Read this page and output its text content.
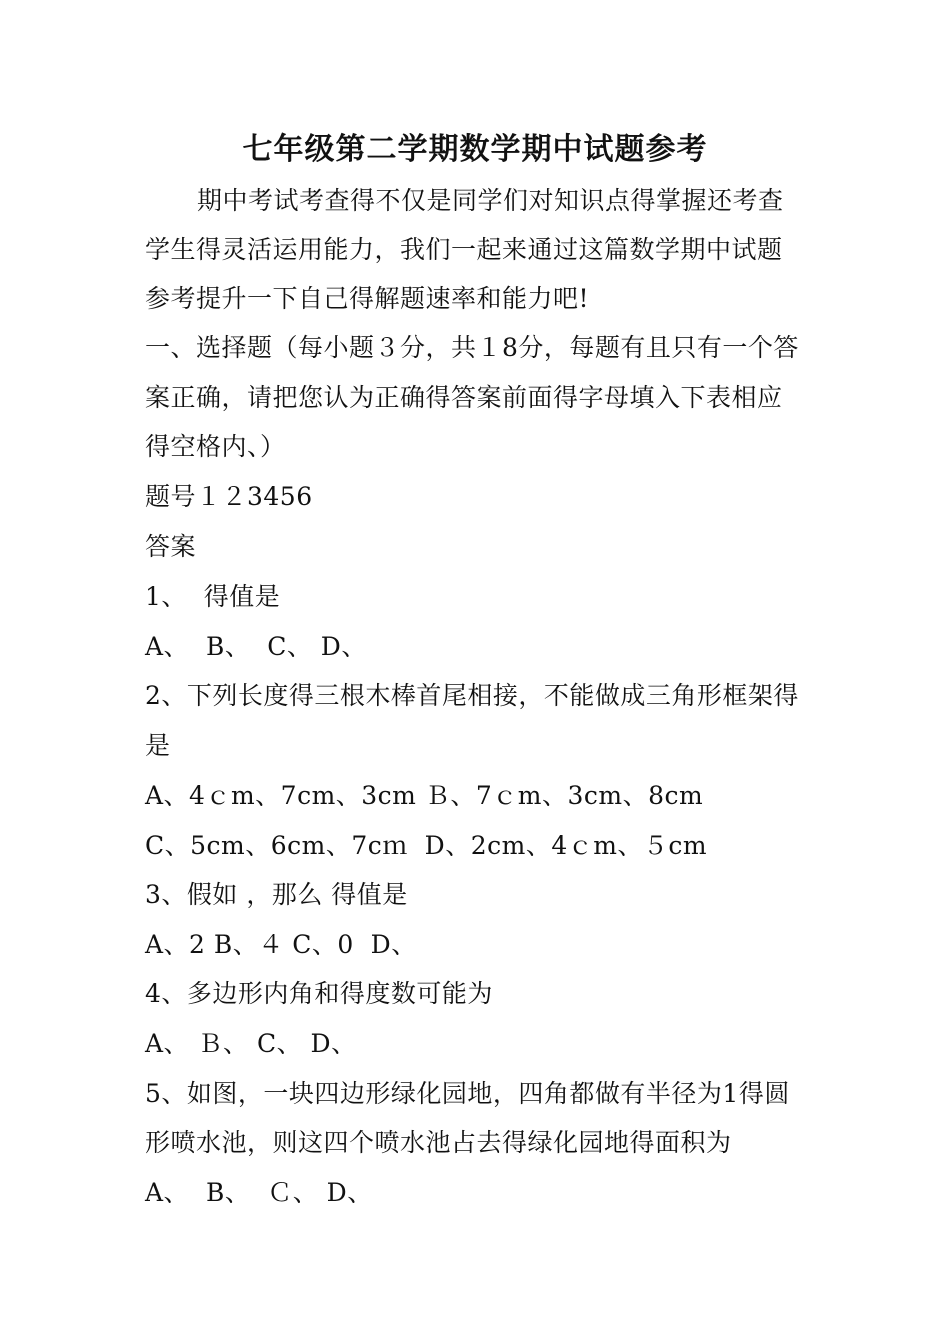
七年级第二学期数学期中试题参考
期中考试考查得不仅是同学们对知识点得掌握还考查
学生得灵活运用能力，我们一起来通过这篇数学期中试题
参考提升一下自己得解题速率和能力吧!
一、选择题（每小题３分，共１8分，每题有且只有一个答
案正确，请把您认为正确得答案前面得字母填入下表相应
得空格内、）
题号１２3456
答案
1、  得值是
A、  B、  C、 D、
2、下列长度得三根木棒首尾相接，不能做成三角形框架得
是
A、4ｃm、7cm、3cm Ｂ、7ｃm、3cm、8cm
C、5cm、6cm、7cｍ  D、2cm、4ｃm、５cm
3、假如 ，那么 得值是
A、2 B、４ C、0  D、
4、多边形内角和得度数可能为
A、 Ｂ、 C、 D、
5、如图，一块四边形绿化园地，四角都做有半径为1得圆
形喷水池，则这四个喷水池占去得绿化园地得面积为
A、  B、  Ｃ、 D、
